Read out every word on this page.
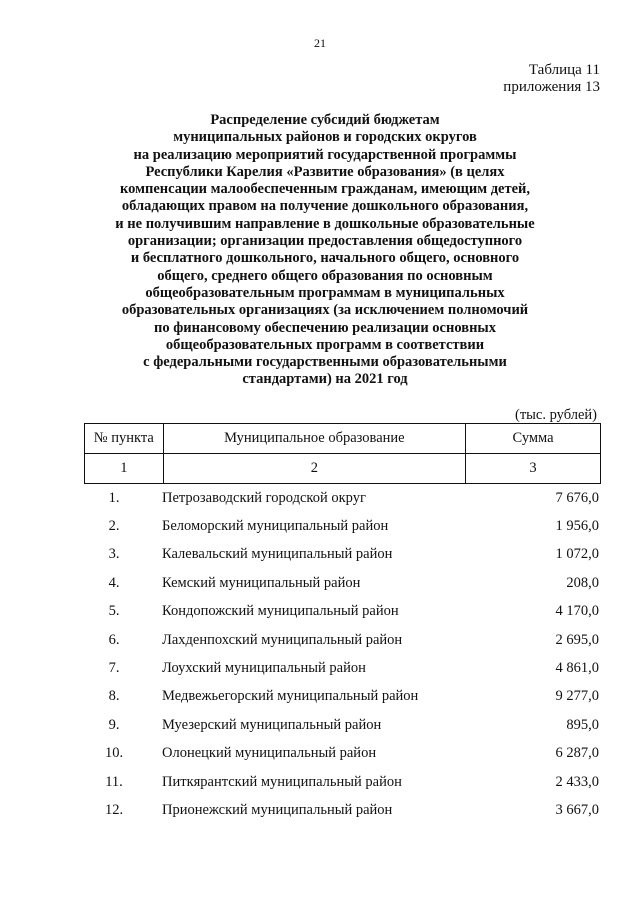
21
Таблица 11
приложения 13
Распределение субсидий бюджетам
муниципальных районов и городских округов
на реализацию мероприятий государственной программы
Республики Карелия «Развитие образования» (в целях
компенсации малообеспеченным гражданам, имеющим детей,
обладающих правом на получение дошкольного образования,
и не получившим направление в дошкольные образовательные
организации; организации предоставления общедоступного
и бесплатного дошкольного, начального общего, основного
общего, среднего общего образования по основным
общеобразовательным программам в муниципальных
образовательных организациях (за исключением полномочий
по финансовому обеспечению реализации основных
общеобразовательных программ в соответствии
с федеральными государственными образовательными
стандартами) на 2021 год
(тыс. рублей)
№ пункта	Муниципальное образование	Сумма
1	2	3
1.	Петрозаводский городской округ	7 676,0
2.	Беломорский муниципальный район	1 956,0
3.	Калевальский муниципальный район	1 072,0
4.	Кемский муниципальный район	208,0
5.	Кондопожский муниципальный район	4 170,0
6.	Лахденпохский муниципальный район	2 695,0
7.	Лоухский муниципальный район	4 861,0
8.	Медвежьегорский муниципальный район	9 277,0
9.	Муезерский муниципальный район	895,0
10.	Олонецкий муниципальный район	6 287,0
11.	Питкярантский муниципальный район	2 433,0
12.	Прионежский муниципальный район	3 667,0
